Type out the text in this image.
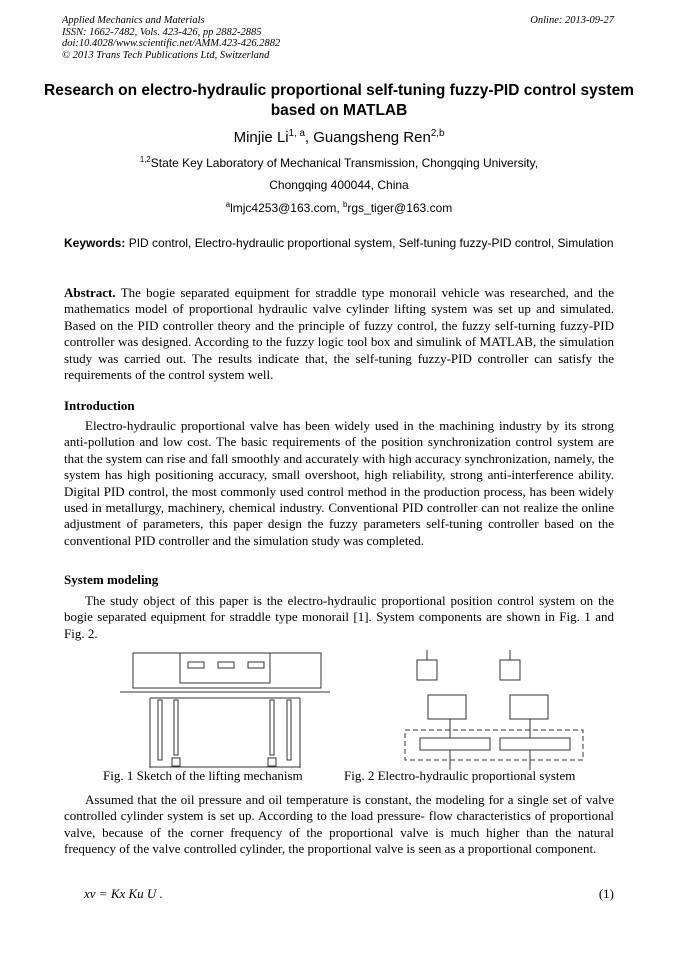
Applied Mechanics and Materials
ISSN: 1662-7482, Vols. 423-426, pp 2882-2885
doi:10.4028/www.scientific.net/AMM.423-426.2882
© 2013 Trans Tech Publications Ltd, Switzerland
Online: 2013-09-27
Research on electro-hydraulic proportional self-tuning fuzzy-PID control system based on MATLAB
Minjie Li$^{1, a}$, Guangsheng Ren$^{2,b}$
$^{1,2}$State Key Laboratory of Mechanical Transmission, Chongqing University,
Chongqing 400044, China
$^a$lmjc4253@163.com, $^b$rgs_tiger@163.com
Keywords: PID control, Electro-hydraulic proportional system, Self-tuning fuzzy-PID control, Simulation
Abstract. The bogie separated equipment for straddle type monorail vehicle was researched, and the mathematics model of proportional hydraulic valve cylinder lifting system was set up and simulated. Based on the PID controller theory and the principle of fuzzy control, the fuzzy self-turning fuzzy-PID controller was designed. According to the fuzzy logic tool box and simulink of MATLAB, the simulation study was carried out. The results indicate that, the self-tuning fuzzy-PID controller can satisfy the requirements of the control system well.
Introduction
Electro-hydraulic proportional valve has been widely used in the machining industry by its strong anti-pollution and low cost. The basic requirements of the position synchronization control system are that the system can rise and fall smoothly and accurately with high accuracy synchronization, namely, the system has high positioning accuracy, small overshoot, high reliability, strong anti-interference ability. Digital PID control, the most commonly used control method in the production process, has been widely used in metallurgy, machinery, chemical industry. Conventional PID controller can not realize the online adjustment of parameters, this paper design the fuzzy parameters self-tuning controller based on the conventional PID controller and the simulation study was completed.
System modeling
The study object of this paper is the electro-hydraulic proportional position control system on the bogie separated equipment for straddle type monorail [1]. System components are shown in Fig. 1 and Fig. 2.
Fig. 1 Sketch of the lifting mechanism	Fig. 2 Electro-hydraulic proportional system
Assumed that the oil pressure and oil temperature is constant, the modeling for a single set of valve controlled cylinder system is set up. According to the load pressure- flow characteristics of proportional valve, because of the corner frequency of the proportional valve is much higher than the natural frequency of the valve controlled cylinder, the proportional valve is seen as a proportional component.
xv = Kx Ku U .	(1)
